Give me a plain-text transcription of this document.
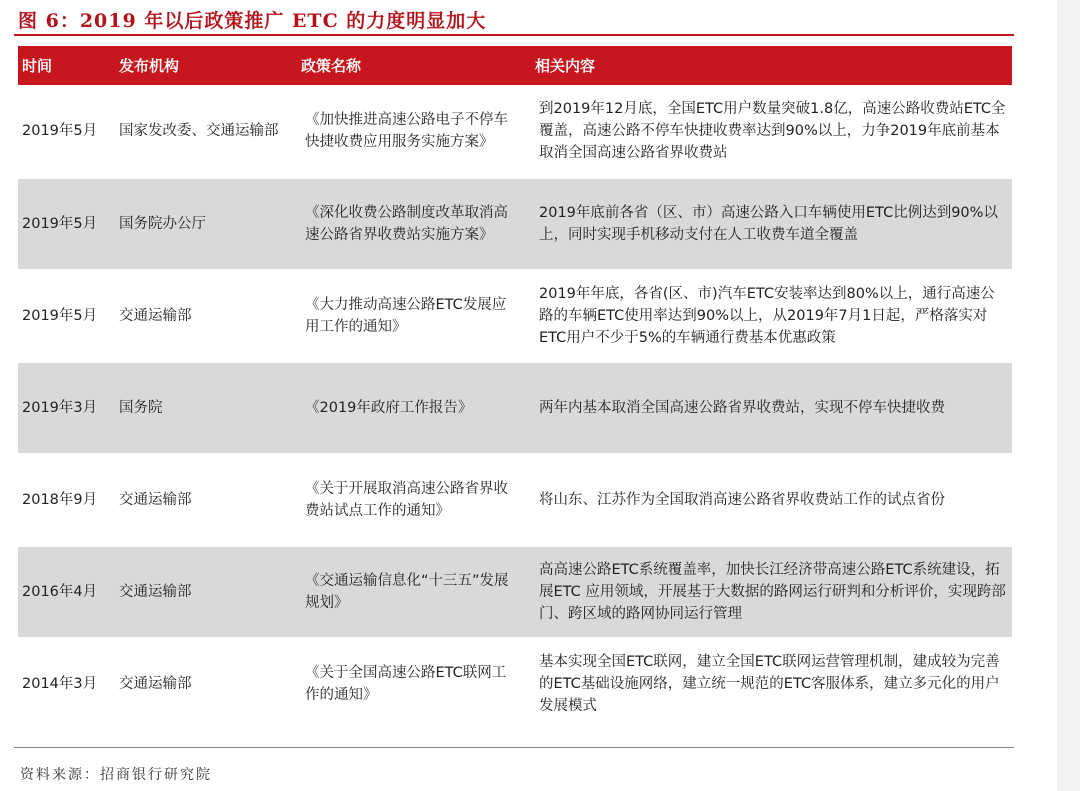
图 6：2019 年以后政策推广 ETC 的力度明显加大
时间	发布机构	政策名称	相关内容
2019年5月	国家发改委、交通运输部	《加快推进高速公路电子不停车快捷收费应用服务实施方案》	到2019年12月底，全国ETC用户数量突破1.8亿，高速公路收费站ETC全覆盖，高速公路不停车快捷收费率达到90%以上，力争2019年底前基本取消全国高速公路省界收费站
2019年5月	国务院办公厅	《深化收费公路制度改革取消高速公路省界收费站实施方案》	2019年底前各省（区、市）高速公路入口车辆使用ETC比例达到90%以上，同时实现手机移动支付在人工收费车道全覆盖
2019年5月	交通运输部	《大力推动高速公路ETC发展应用工作的通知》	2019年年底，各省(区、市)汽车ETC安装率达到80%以上，通行高速公路的车辆ETC使用率达到90%以上，从2019年7月1日起，严格落实对ETC用户不少于5%的车辆通行费基本优惠政策
2019年3月	国务院	《2019年政府工作报告》	两年内基本取消全国高速公路省界收费站，实现不停车快捷收费
2018年9月	交通运输部	《关于开展取消高速公路省界收费站试点工作的通知》	将山东、江苏作为全国取消高速公路省界收费站工作的试点省份
2016年4月	交通运输部	《交通运输信息化“十三五”发展规划》	高高速公路ETC系统覆盖率，加快长江经济带高速公路ETC系统建设，拓展ETC 应用领域，开展基于大数据的路网运行研判和分析评价，实现跨部门、跨区域的路网协同运行管理
2014年3月	交通运输部	《关于全国高速公路ETC联网工作的通知》	基本实现全国ETC联网，建立全国ETC联网运营管理机制，建成较为完善的ETC基础设施网络，建立统一规范的ETC客服体系，建立多元化的用户发展模式
资料来源：招商银行研究院
